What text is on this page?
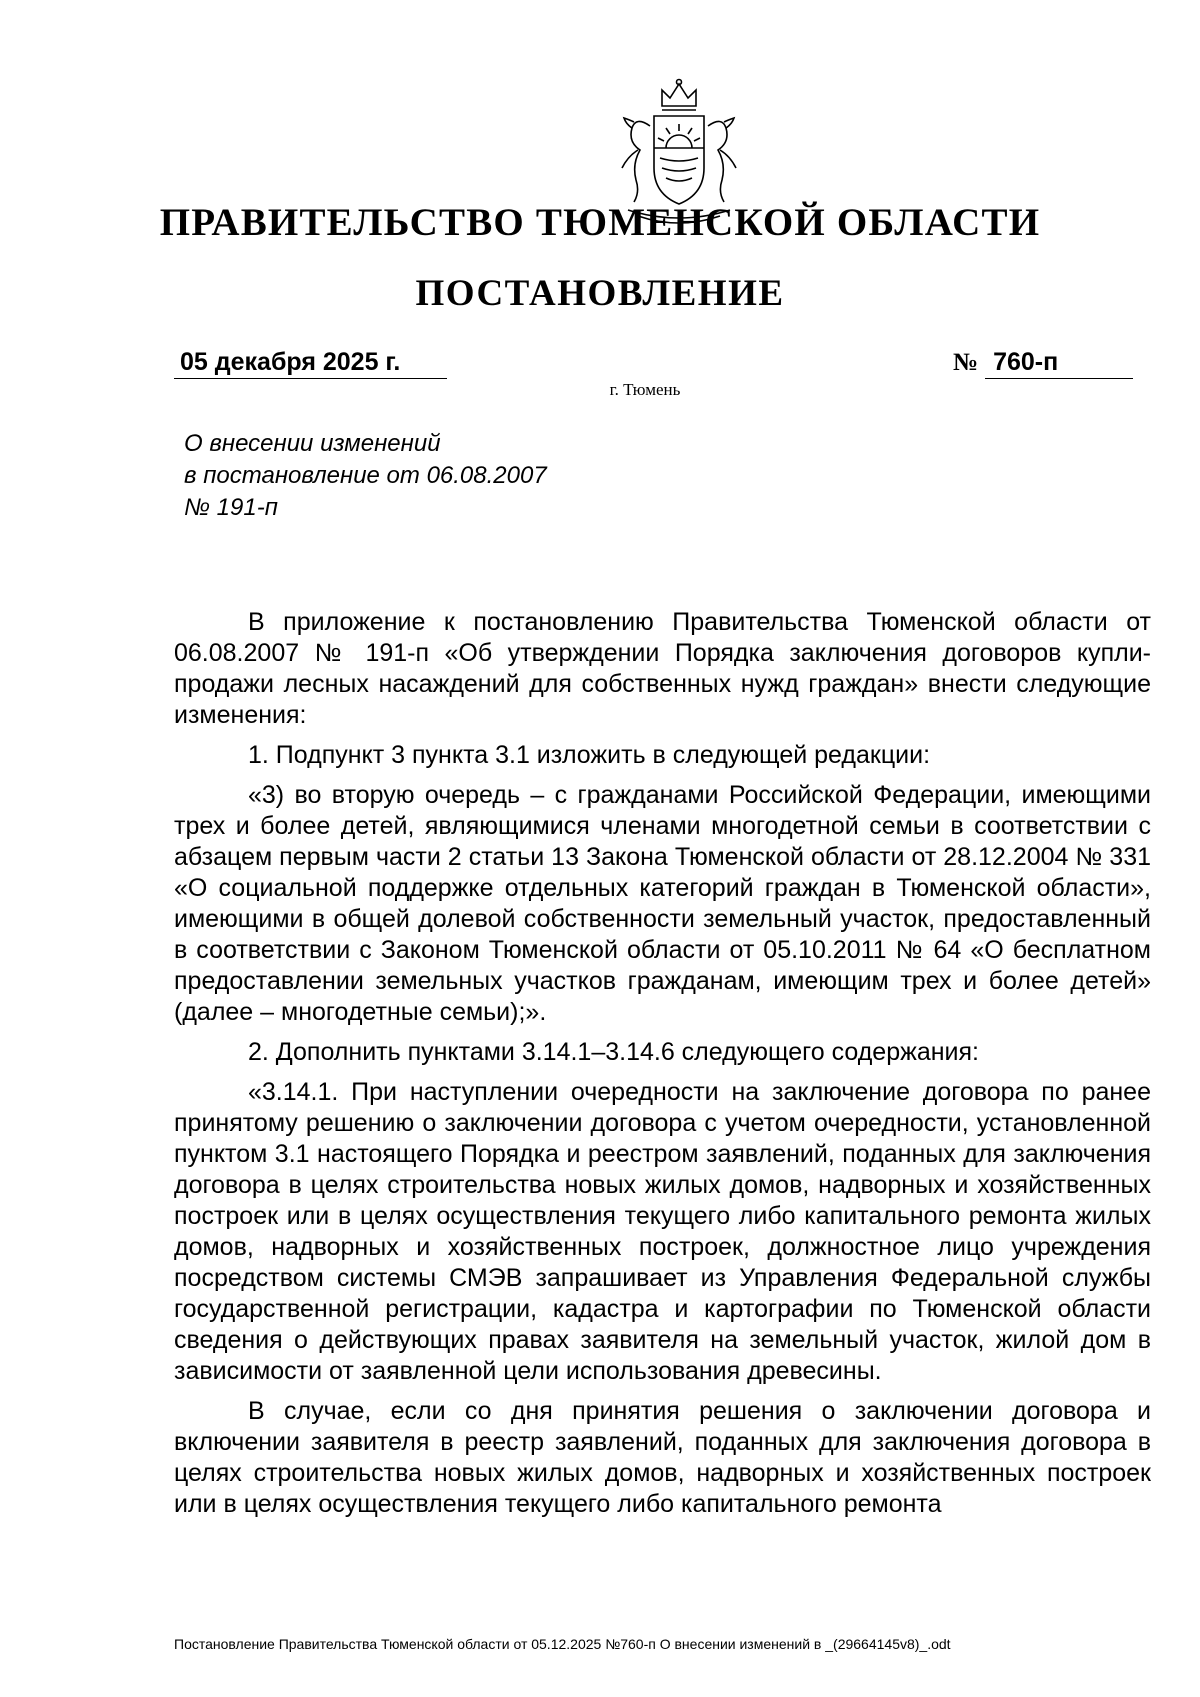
ПРАВИТЕЛЬСТВО ТЮМЕНСКОЙ ОБЛАСТИ
ПОСТАНОВЛЕНИЕ
05 декабря 2025 г.	№ 760-п
г. Тюмень
О внесении изменений
в постановление от 06.08.2007
№ 191-п

В приложение к постановлению Правительства Тюменской области от 06.08.2007 № 191-п «Об утверждении Порядка заключения договоров купли-продажи лесных насаждений для собственных нужд граждан» внести следующие изменения:

1. Подпункт 3 пункта 3.1 изложить в следующей редакции:

«3) во вторую очередь – с гражданами Российской Федерации, имеющими трех и более детей, являющимися членами многодетной семьи в соответствии с абзацем первым части 2 статьи 13 Закона Тюменской области от 28.12.2004 № 331 «О социальной поддержке отдельных категорий граждан в Тюменской области», имеющими в общей долевой собственности земельный участок, предоставленный в соответствии с Законом Тюменской области от 05.10.2011 № 64 «О бесплатном предоставлении земельных участков гражданам, имеющим трех и более детей» (далее – многодетные семьи);».

2. Дополнить пунктами 3.14.1–3.14.6 следующего содержания:

«3.14.1. При наступлении очередности на заключение договора по ранее принятому решению о заключении договора с учетом очередности, установленной пунктом 3.1 настоящего Порядка и реестром заявлений, поданных для заключения договора в целях строительства новых жилых домов, надворных и хозяйственных построек или в целях осуществления текущего либо капитального ремонта жилых домов, надворных и хозяйственных построек, должностное лицо учреждения посредством системы СМЭВ запрашивает из Управления Федеральной службы государственной регистрации, кадастра и картографии по Тюменской области сведения о действующих правах заявителя на земельный участок, жилой дом в зависимости от заявленной цели использования древесины.

В случае, если со дня принятия решения о заключении договора и включении заявителя в реестр заявлений, поданных для заключения договора в целях строительства новых жилых домов, надворных и хозяйственных построек или в целях осуществления текущего либо капитального ремонта

Постановление Правительства Тюменской области от 05.12.2025 №760-п О внесении изменений в _(29664145v8)_.odt
